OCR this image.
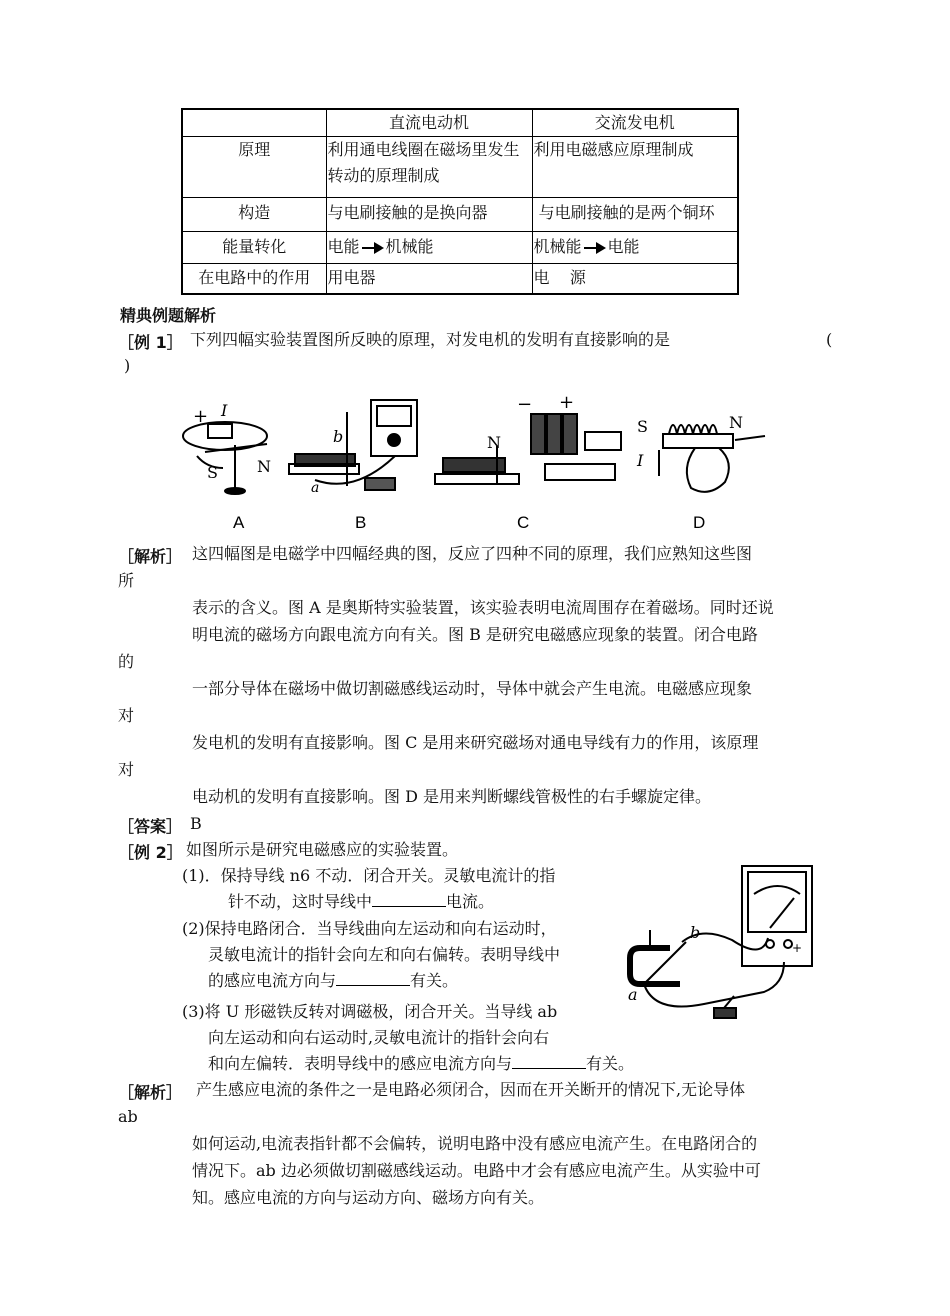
	直流电动机	交流发电机
原理	利用通电线圈在磁场里发生转动的原理制成	利用电磁感应原理制成
构造	与电刷接触的是换向器	与电刷接触的是两个铜环
能量转化	电能 机械能	机械能 电能
在电路中的作用	用电器	电    源
精典例题解析
［例 1］ 下列四幅实验装置图所反映的原理，对发电机的发明有直接影响的是	(
)
+ I
S N
b
a
− +
N
S	N
I
A	B	C	D
［解析］ 这四幅图是电磁学中四幅经典的图，反应了四种不同的原理，我们应熟知这些图
所
表示的含义。图 A 是奥斯特实验装置，该实验表明电流周围存在着磁场。同时还说
明电流的磁场方向跟电流方向有关。图 B 是研究电磁感应现象的装置。闭合电路
的
一部分导体在磁场中做切割磁感线运动时，导体中就会产生电流。电磁感应现象
对
发电机的发明有直接影响。图 C 是用来研究磁场对通电导线有力的作用，该原理
对
电动机的发明有直接影响。图 D 是用来判断螺线管极性的右手螺旋定律。
［答案］ B
［例 2］ 如图所示是研究电磁感应的实验装置。
(1)．保持导线 n6 不动．闭合开关。灵敏电流计的指
针不动，这时导线中	电流。
(2)保持电路闭合．当导线曲向左运动和向右运动时，
灵敏电流计的指针会向左和向右偏转。表明导线中
的感应电流方向与	有关。
(3)将 U 形磁铁反转对调磁极，闭合开关。当导线 ab
向左运动和向右运动时,灵敏电流计的指针会向右
和向左偏转．表明导线中的感应电流方向与	有关。
+
b
a
［解析］ 产生感应电流的条件之一是电路必须闭合，因而在开关断开的情况下,无论导体
ab
如何运动,电流表指针都不会偏转，说明电路中没有感应电流产生。在电路闭合的
情况下。ab 边必须做切割磁感线运动。电路中才会有感应电流产生。从实验中可
知。感应电流的方向与运动方向、磁场方向有关。
